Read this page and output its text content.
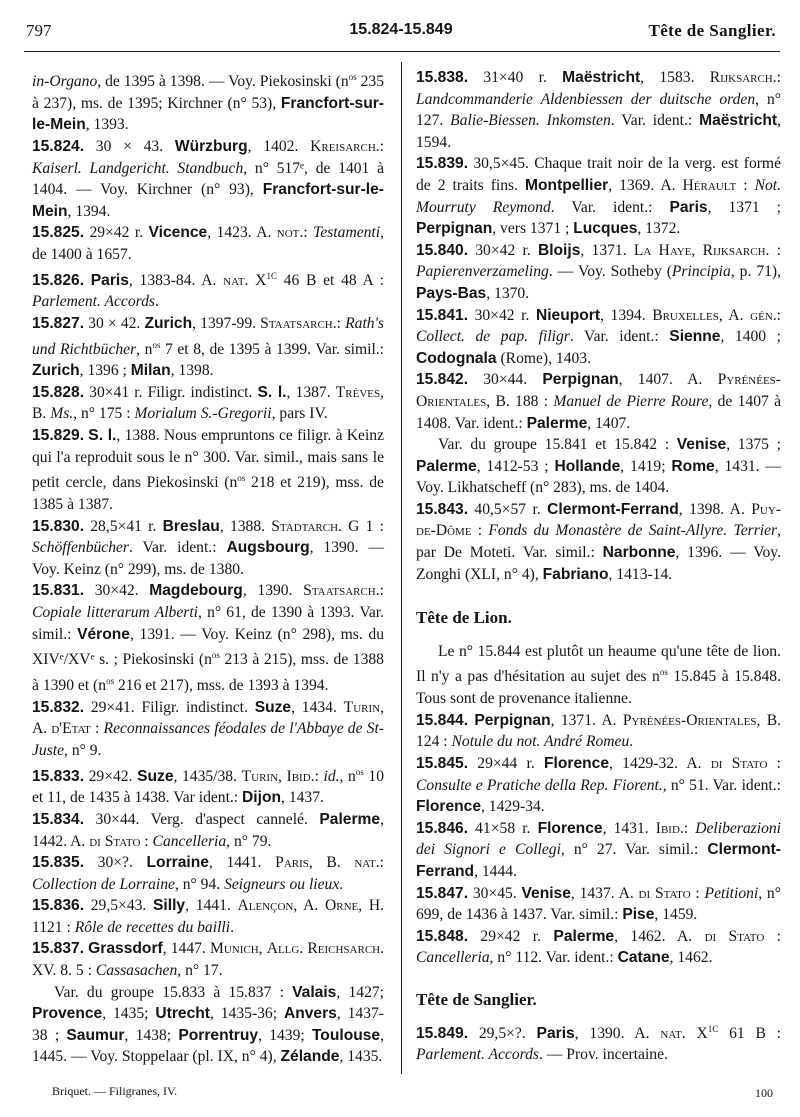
797	15.824-15.849	Tête de Sanglier.

in-Organo, de 1395 à 1398. — Voy. Piekosinski ($n^{os}$ 235 à 237), ms. de 1395; Kirchner (n° 53), Francfort-sur-le-Mein, 1393.

15.824. 30 × 43. Würzburg, 1402. Kreisarch.: Kaiserl. Landgericht. Standbuch, n° 517ᵉ, de 1401 à 1404. — Voy. Kirchner (n° 93), Francfort-sur-le-Mein, 1394.

15.825. 29×42 r. Vicence, 1423. A. not.: Testamenti, de 1400 à 1657.

15.826. Paris, 1383-84. A. nat. $X^{1C}$ 46 B et 48 A : Parlement. Accords.

15.827. 30 × 42. Zurich, 1397-99. Staatsarch.: Rath's und Richtbücher, $n^{os}$ 7 et 8, de 1395 à 1399. Var. simil.: Zurich, 1396 ; Milan, 1398.

15.828. 30×41 r. Filigr. indistinct. S. l., 1387. Trèves, B. Ms., n° 175 : Morialum S.-Gregorii, pars IV.

15.829. S. l., 1388. Nous empruntons ce filigr. à Keinz qui l'a reproduit sous le n° 300. Var. simil., mais sans le petit cercle, dans Piekosinski ($n^{os}$ 218 et 219), mss. de 1385 à 1387.

15.830. 28,5×41 r. Breslau, 1388. Stadtarch. G 1 : Schöffenbücher. Var. ident.: Augsbourg, 1390. — Voy. Keinz (n° 299), ms. de 1380.

15.831. 30×42. Magdebourg, 1390. Staatsarch.: Copiale litterarum Alberti, n° 61, de 1390 à 1393. Var. simil.: Vérone, 1391. — Voy. Keinz (n° 298), ms. du XIVᵉ/XVᵉ s. ; Piekosinski ($n^{os}$ 213 à 215), mss. de 1388 à 1390 et ($n^{os}$ 216 et 217), mss. de 1393 à 1394.

15.832. 29×41. Filigr. indistinct. Suze, 1434. Turin, A. d'Etat : Reconnaissances féodales de l'Abbaye de St-Juste, n° 9.

15.833. 29×42. Suze, 1435/38. Turin, Ibid.: id., $n^{os}$ 10 et 11, de 1435 à 1438. Var ident.: Dijon, 1437.

15.834. 30×44. Verg. d'aspect cannelé. Palerme, 1442. A. di Stato : Cancelleria, n° 79.

15.835. 30×?. Lorraine, 1441. Paris, B. nat.: Collection de Lorraine, n° 94. Seigneurs ou lieux.

15.836. 29,5×43. Silly, 1441. Alençon, A. Orne, H. 1121 : Rôle de recettes du bailli.

15.837. Grassdorf, 1447. Munich, Allg. Reichsarch. XV. 8. 5 : Cassasachen, n° 17.

Var. du groupe 15.833 à 15.837 : Valais, 1427; Provence, 1435; Utrecht, 1435-36; Anvers, 1437-38 ; Saumur, 1438; Porrentruy, 1439; Toulouse, 1445. — Voy. Stoppelaar (pl. IX, n° 4), Zélande, 1435.

15.838. 31×40 r. Maëstricht, 1583. Rijksarch.: Landcommanderie Aldenbiessen der duitsche orden, n° 127. Balie-Biessen. Inkomsten. Var. ident.: Maëstricht, 1594.

15.839. 30,5×45. Chaque trait noir de la verg. est formé de 2 traits fins. Montpellier, 1369. A. Hérault : Not. Mourruty Reymond. Var. ident.: Paris, 1371 ; Perpignan, vers 1371 ; Lucques, 1372.

15.840. 30×42 r. Bloijs, 1371. La Haye, Rijksarch. : Papierenverzameling. — Voy. Sotheby (Principia, p. 71), Pays-Bas, 1370.

15.841. 30×42 r. Nieuport, 1394. Bruxelles, A. gén.: Collect. de pap. filigr. Var. ident.: Sienne, 1400 ; Codognala (Rome), 1403.

15.842. 30×44. Perpignan, 1407. A. Pyrénées-Orientales, B. 188 : Manuel de Pierre Roure, de 1407 à 1408. Var. ident.: Palerme, 1407.

Var. du groupe 15.841 et 15.842 : Venise, 1375 ; Palerme, 1412-53 ; Hollande, 1419; Rome, 1431. — Voy. Likhatscheff (n° 283), ms. de 1404.

15.843. 40,5×57 r. Clermont-Ferrand, 1398. A. Puy-de-Dôme : Fonds du Monastère de Saint-Allyre. Terrier, par De Moteti. Var. simil.: Narbonne, 1396. — Voy. Zonghi (XLI, n° 4), Fabriano, 1413-14.

Tête de Lion.

Le n° 15.844 est plutôt un heaume qu'une tête de lion. Il n'y a pas d'hésitation au sujet des $n^{os}$ 15.845 à 15.848. Tous sont de provenance italienne.

15.844. Perpignan, 1371. A. Pyrénées-Orientales, B. 124 : Notule du not. André Romeu.

15.845. 29×44 r. Florence, 1429-32. A. di Stato : Consulte e Pratiche della Rep. Fiorent., n° 51. Var. ident.: Florence, 1429-34.

15.846. 41×58 r. Florence, 1431. Ibid.: Deliberazioni dei Signori e Collegi, n° 27. Var. simil.: Clermont-Ferrand, 1444.

15.847. 30×45. Venise, 1437. A. di Stato : Petitioni, n° 699, de 1436 à 1437. Var. simil.: Pise, 1459.

15.848. 29×42 r. Palerme, 1462. A. di Stato : Cancelleria, n° 112. Var. ident.: Catane, 1462.

Tête de Sanglier.

15.849. 29,5×?. Paris, 1390. A. nat. $X^{1C}$ 61 B : Parlement. Accords. — Prov. incertaine.

Briquet. — Filigranes, IV.	100
